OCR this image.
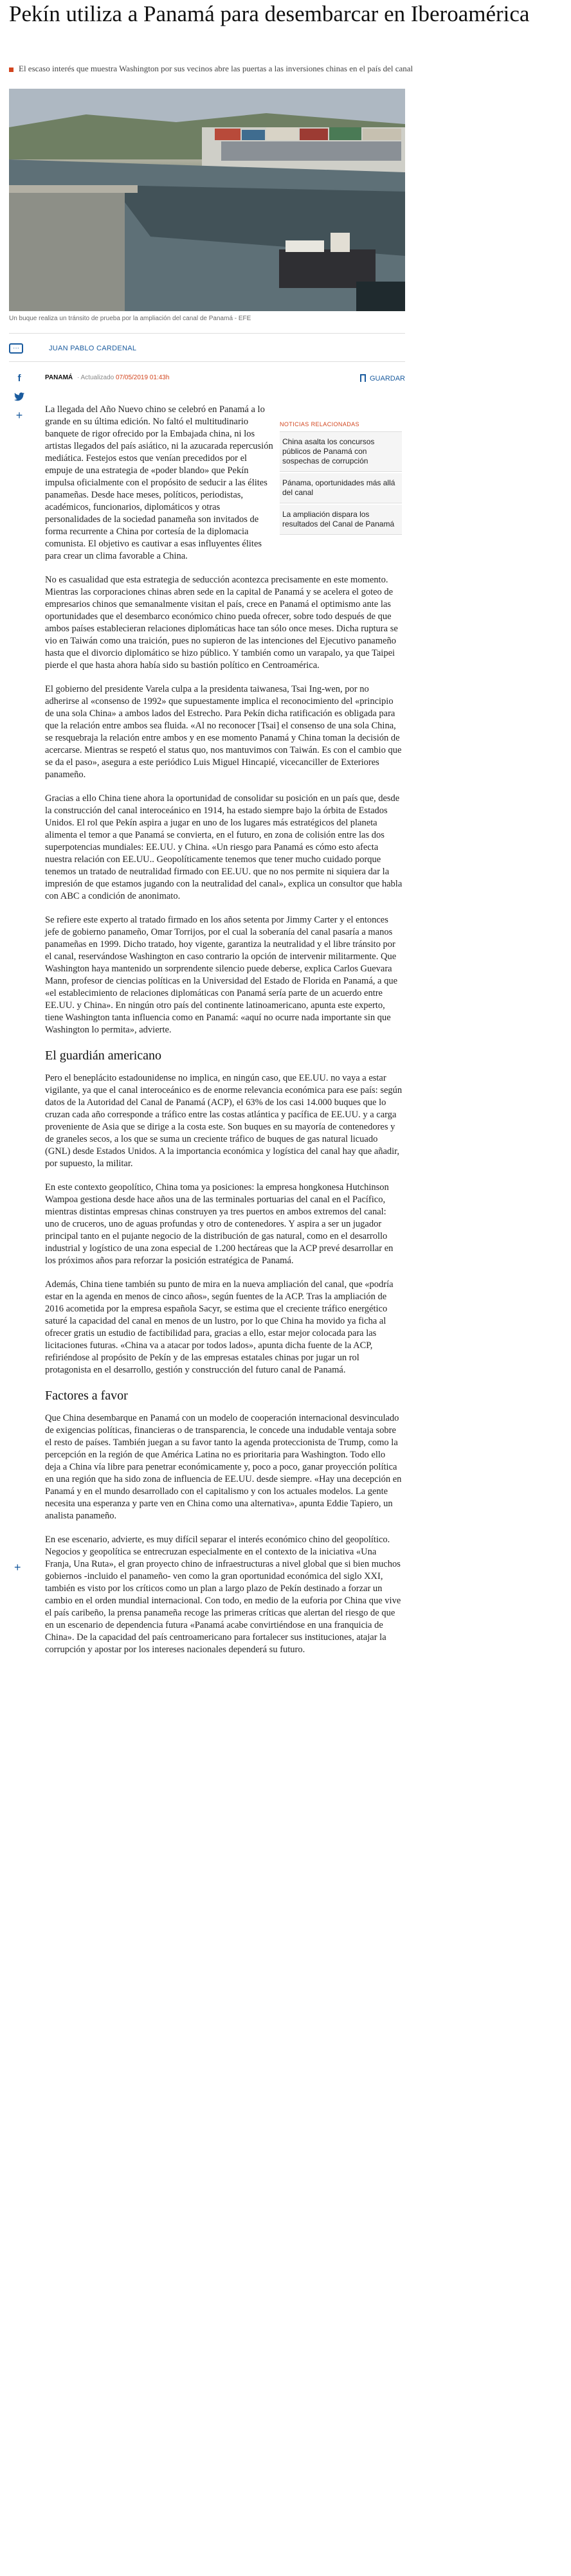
Pekín utiliza a Panamá para desembarcar en Iberoamérica
El escaso interés que muestra Washington por sus vecinos abre las puertas a las inversiones chinas en el país del canal
Un buque realiza un tránsito de prueba por la ampliación del canal de Panamá - EFE
···	JUAN PABLO CARDENAL
f
+
PANAMÁ · Actualizado 07/05/2019 01:43h	GUARDAR
NOTICIAS RELACIONADAS
China asalta los concursos públicos de Panamá con sospechas de corrupción
Pánama, oportunidades más allá del canal
La ampliación dispara los resultados del Canal de Panamá
+

La llegada del Año Nuevo chino se celebró en Panamá a lo grande en su última edición. No faltó el multitudinario banquete de rigor ofrecido por la Embajada china, ni los artistas llegados del país asiático, ni la azucarada repercusión mediática. Festejos estos que venían precedidos por el empuje de una estrategia de «poder blando» que Pekín impulsa oficialmente con el propósito de seducir a las élites panameñas. Desde hace meses, políticos, periodistas, académicos, funcionarios, diplomáticos y otras personalidades de la sociedad panameña son invitados de forma recurrente a China por cortesía de la diplomacia comunista. El objetivo es cautivar a esas influyentes élites para crear un clima favorable a China.

No es casualidad que esta estrategia de seducción acontezca precisamente en este momento. Mientras las corporaciones chinas abren sede en la capital de Panamá y se acelera el goteo de empresarios chinos que semanalmente visitan el país, crece en Panamá el optimismo ante las oportunidades que el desembarco económico chino pueda ofrecer, sobre todo después de que ambos países establecieran relaciones diplomáticas hace tan sólo once meses. Dicha ruptura se vio en Taiwán como una traición, pues no supieron de las intenciones del Ejecutivo panameño hasta que el divorcio diplomático se hizo público. Y también como un varapalo, ya que Taipei pierde el que hasta ahora había sido su bastión político en Centroamérica.

El gobierno del presidente Varela culpa a la presidenta taiwanesa, Tsai Ing-wen, por no adherirse al «consenso de 1992» que supuestamente implica el reconocimiento del «principio de una sola China» a ambos lados del Estrecho. Para Pekín dicha ratificación es obligada para que la relación entre ambos sea fluida. «Al no reconocer [Tsai] el consenso de una sola China, se resquebraja la relación entre ambos y en ese momento Panamá y China toman la decisión de acercarse. Mientras se respetó el status quo, nos mantuvimos con Taiwán. Es con el cambio que se da el paso», asegura a este periódico Luis Miguel Hincapié, vicecanciller de Exteriores panameño.

Gracias a ello China tiene ahora la oportunidad de consolidar su posición en un país que, desde la construcción del canal interoceánico en 1914, ha estado siempre bajo la órbita de Estados Unidos. El rol que Pekín aspira a jugar en uno de los lugares más estratégicos del planeta alimenta el temor a que Panamá se convierta, en el futuro, en zona de colisión entre las dos superpotencias mundiales: EE.UU. y China. «Un riesgo para Panamá es cómo esto afecta nuestra relación con EE.UU.. Geopolíticamente tenemos que tener mucho cuidado porque tenemos un tratado de neutralidad firmado con EE.UU. que no nos permite ni siquiera dar la impresión de que estamos jugando con la neutralidad del canal», explica un consultor que habla con ABC a condición de anonimato.

Se refiere este experto al tratado firmado en los años setenta por Jimmy Carter y el entonces jefe de gobierno panameño, Omar Torrijos, por el cual la soberanía del canal pasaría a manos panameñas en 1999. Dicho tratado, hoy vigente, garantiza la neutralidad y el libre tránsito por el canal, reservándose Washington en caso contrario la opción de intervenir militarmente. Que Washington haya mantenido un sorprendente silencio puede deberse, explica Carlos Guevara Mann, profesor de ciencias políticas en la Universidad del Estado de Florida en Panamá, a que «el establecimiento de relaciones diplomáticas con Panamá sería parte de un acuerdo entre EE.UU. y China». En ningún otro país del continente latinoamericano, apunta este experto, tiene Washington tanta influencia como en Panamá: «aquí no ocurre nada importante sin que Washington lo permita», advierte.

El guardián americano

Pero el beneplácito estadounidense no implica, en ningún caso, que EE.UU. no vaya a estar vigilante, ya que el canal interoceánico es de enorme relevancia económica para ese país: según datos de la Autoridad del Canal de Panamá (ACP), el 63% de los casi 14.000 buques que lo cruzan cada año corresponde a tráfico entre las costas atlántica y pacífica de EE.UU. y a carga proveniente de Asia que se dirige a la costa este. Son buques en su mayoría de contenedores y de graneles secos, a los que se suma un creciente tráfico de buques de gas natural licuado (GNL) desde Estados Unidos. A la importancia económica y logística del canal hay que añadir, por supuesto, la militar.

En este contexto geopolítico, China toma ya posiciones: la empresa hongkonesa Hutchinson Wampoa gestiona desde hace años una de las terminales portuarias del canal en el Pacífico, mientras distintas empresas chinas construyen ya tres puertos en ambos extremos del canal: uno de cruceros, uno de aguas profundas y otro de contenedores. Y aspira a ser un jugador principal tanto en el pujante negocio de la distribución de gas natural, como en el desarrollo industrial y logístico de una zona especial de 1.200 hectáreas que la ACP prevé desarrollar en los próximos años para reforzar la posición estratégica de Panamá.

Además, China tiene también su punto de mira en la nueva ampliación del canal, que «podría estar en la agenda en menos de cinco años», según fuentes de la ACP. Tras la ampliación de 2016 acometida por la empresa española Sacyr, se estima que el creciente tráfico energético saturé la capacidad del canal en menos de un lustro, por lo que China ha movido ya ficha al ofrecer gratis un estudio de factibilidad para, gracias a ello, estar mejor colocada para las licitaciones futuras. «China va a atacar por todos lados», apunta dicha fuente de la ACP, refiriéndose al propósito de Pekín y de las empresas estatales chinas por jugar un rol protagonista en el desarrollo, gestión y construcción del futuro canal de Panamá.

Factores a favor

Que China desembarque en Panamá con un modelo de cooperación internacional desvinculado de exigencias políticas, financieras o de transparencia, le concede una indudable ventaja sobre el resto de países. También juegan a su favor tanto la agenda proteccionista de Trump, como la percepción en la región de que América Latina no es prioritaria para Washington. Todo ello deja a China vía libre para penetrar económicamente y, poco a poco, ganar proyección política en una región que ha sido zona de influencia de EE.UU. desde siempre. «Hay una decepción en Panamá y en el mundo desarrollado con el capitalismo y con los actuales modelos. La gente necesita una esperanza y parte ven en China como una alternativa», apunta Eddie Tapiero, un analista panameño.

En ese escenario, advierte, es muy difícil separar el interés económico chino del geopolítico. Negocios y geopolítica se entrecruzan especialmente en el contexto de la iniciativa «Una Franja, Una Ruta», el gran proyecto chino de infraestructuras a nivel global que si bien muchos gobiernos -incluido el panameño- ven como la gran oportunidad económica del siglo XXI, también es visto por los críticos como un plan a largo plazo de Pekín destinado a forzar un cambio en el orden mundial internacional. Con todo, en medio de la euforia por China que vive el país caribeño, la prensa panameña recoge las primeras críticas que alertan del riesgo de que en un escenario de dependencia futura «Panamá acabe convirtiéndose en una franquicia de China». De la capacidad del país centroamericano para fortalecer sus instituciones, atajar la corrupción y apostar por los intereses nacionales dependerá su futuro.
